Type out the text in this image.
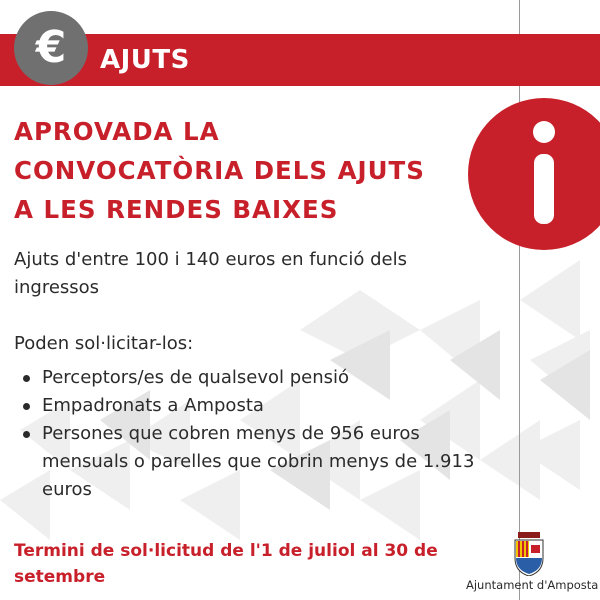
€ AJUTS
APROVADA LA
CONVOCATÒRIA DELS AJUTS
A LES RENDES BAIXES

Ajuts d'entre 100 i 140 euros en funció dels ingressos

Poden sol·licitar-los:

Perceptors/es de qualsevol pensió
Empadronats a Amposta
Persones que cobren menys de 956 euros mensuals o parelles que cobrin menys de 1.913 euros
Termini de sol·licitud de l'1 de juliol al 30 de setembre	Ajuntament d'Amposta
